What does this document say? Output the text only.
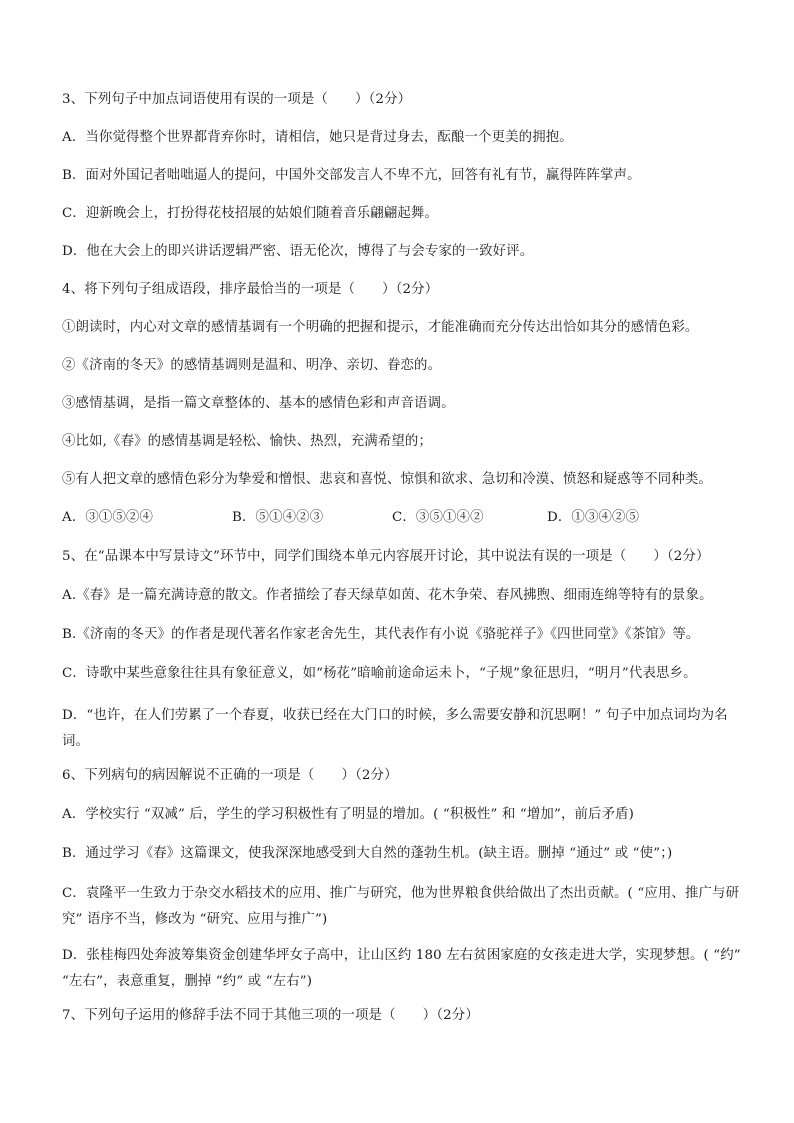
3、下列句子中加点词语使用有误的一项是（　　）（2分）
A．当你觉得整个世界都背弃你时，请相信，她只是背过身去，酝酿一个更美的拥抱。
B．面对外国记者咄咄逼人的提问，中国外交部发言人不卑不亢，回答有礼有节，赢得阵阵掌声。
C．迎新晚会上，打扮得花枝招展的姑娘们随着音乐翩翩起舞。
D．他在大会上的即兴讲话逻辑严密、语无伦次，博得了与会专家的一致好评。
4、将下列句子组成语段，排序最恰当的一项是（　　）（2分）
①朗读时，内心对文章的感情基调有一个明确的把握和提示，才能准确而充分传达出恰如其分的感情色彩。
②《济南的冬天》的感情基调则是温和、明净、亲切、眷恋的。
③感情基调，是指一篇文章整体的、基本的感情色彩和声音语调。
④比如,《春》的感情基调是轻松、愉快、热烈，充满希望的；
⑤有人把文章的感情色彩分为挚爱和憎恨、悲哀和喜悦、惊惧和欲求、急切和冷漠、愤怒和疑惑等不同种类。
A．③①⑤②④	B．⑤①④②③	C．③⑤①④②	D．①③④②⑤
5、在“品课本中写景诗文”环节中，同学们围绕本单元内容展开讨论，其中说法有误的一项是（　　）（2分）
A.《春》是一篇充满诗意的散文。作者描绘了春天绿草如茵、花木争荣、春风拂煦、细雨连绵等特有的景象。
B.《济南的冬天》的作者是现代著名作家老舍先生，其代表作有小说《骆驼祥子》《四世同堂》《茶馆》等。
C．诗歌中某些意象往往具有象征意义，如“杨花”暗喻前途命运未卜，“子规”象征思归，“明月”代表思乡。
D．“也许，在人们劳累了一个春夏，收获已经在大门口的时候，多么需要安静和沉思啊！” 句子中加点词均为名词。
6、下列病句的病因解说不正确的一项是（　　）（2分）
A．学校实行 “双减” 后，学生的学习积极性有了明显的增加。( “积极性” 和 “增加”，前后矛盾)
B．通过学习《春》这篇课文，使我深深地感受到大自然的蓬勃生机。(缺主语。删掉 “通过” 或 “使”；)
C．袁隆平一生致力于杂交水稻技术的应用、推广与研究，他为世界粮食供给做出了杰出贡献。( “应用、推广与研究” 语序不当，修改为 “研究、应用与推广”)
D．张桂梅四处奔波筹集资金创建华坪女子高中，让山区约 180 左右贫困家庭的女孩走进大学，实现梦想。( “约” “左右”，表意重复，删掉 “约” 或 “左右”)
7、下列句子运用的修辞手法不同于其他三项的一项是（　　）（2分）
